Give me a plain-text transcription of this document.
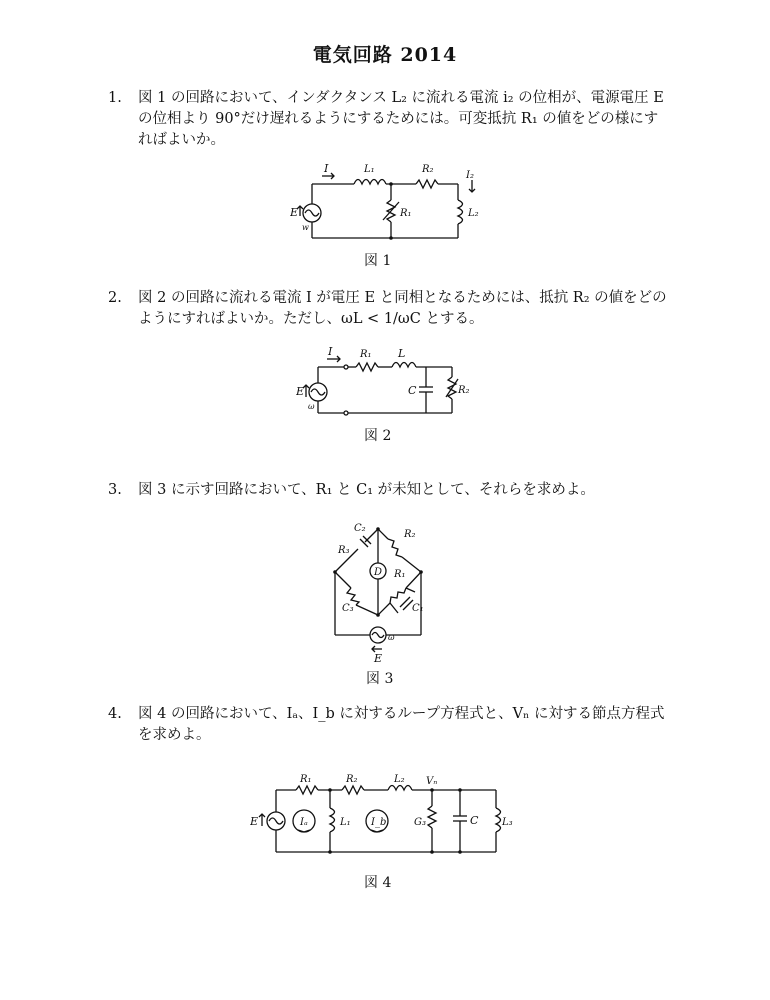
電気回路 2014
1.	図 1 の回路において、インダクタンス L₂ に流れる電流 i₂ の位相が、電源電圧 E の位相より 90°だけ遅れるようにするためには。可変抵抗 R₁ の値をどの様にすればよいか。
I	L₁	R₂
I₂
E
w
R₁	L₂
図 1
2.	図 2 の回路に流れる電流 I が電圧 E と同相となるためには、抵抗 R₂ の値をどのようにすればよいか。ただし、ωL < 1/ωC とする。
I	R₁ L
E
ω
C	R₂
図 2
3.	図 3 に示す回路において、R₁ と C₁ が未知として、それらを求めよ。
C₂
R₂
R₃
D R₁
C₃	C₁
ω
E
図 3
4.	図 4 の回路において、Iₐ、I_b に対するループ方程式と、Vₙ に対する節点方程式を求めよ。
R₁	R₂	L₂ Vₙ
E	Iₐ	L₁ I_b	G₃	C L₃
図 4
